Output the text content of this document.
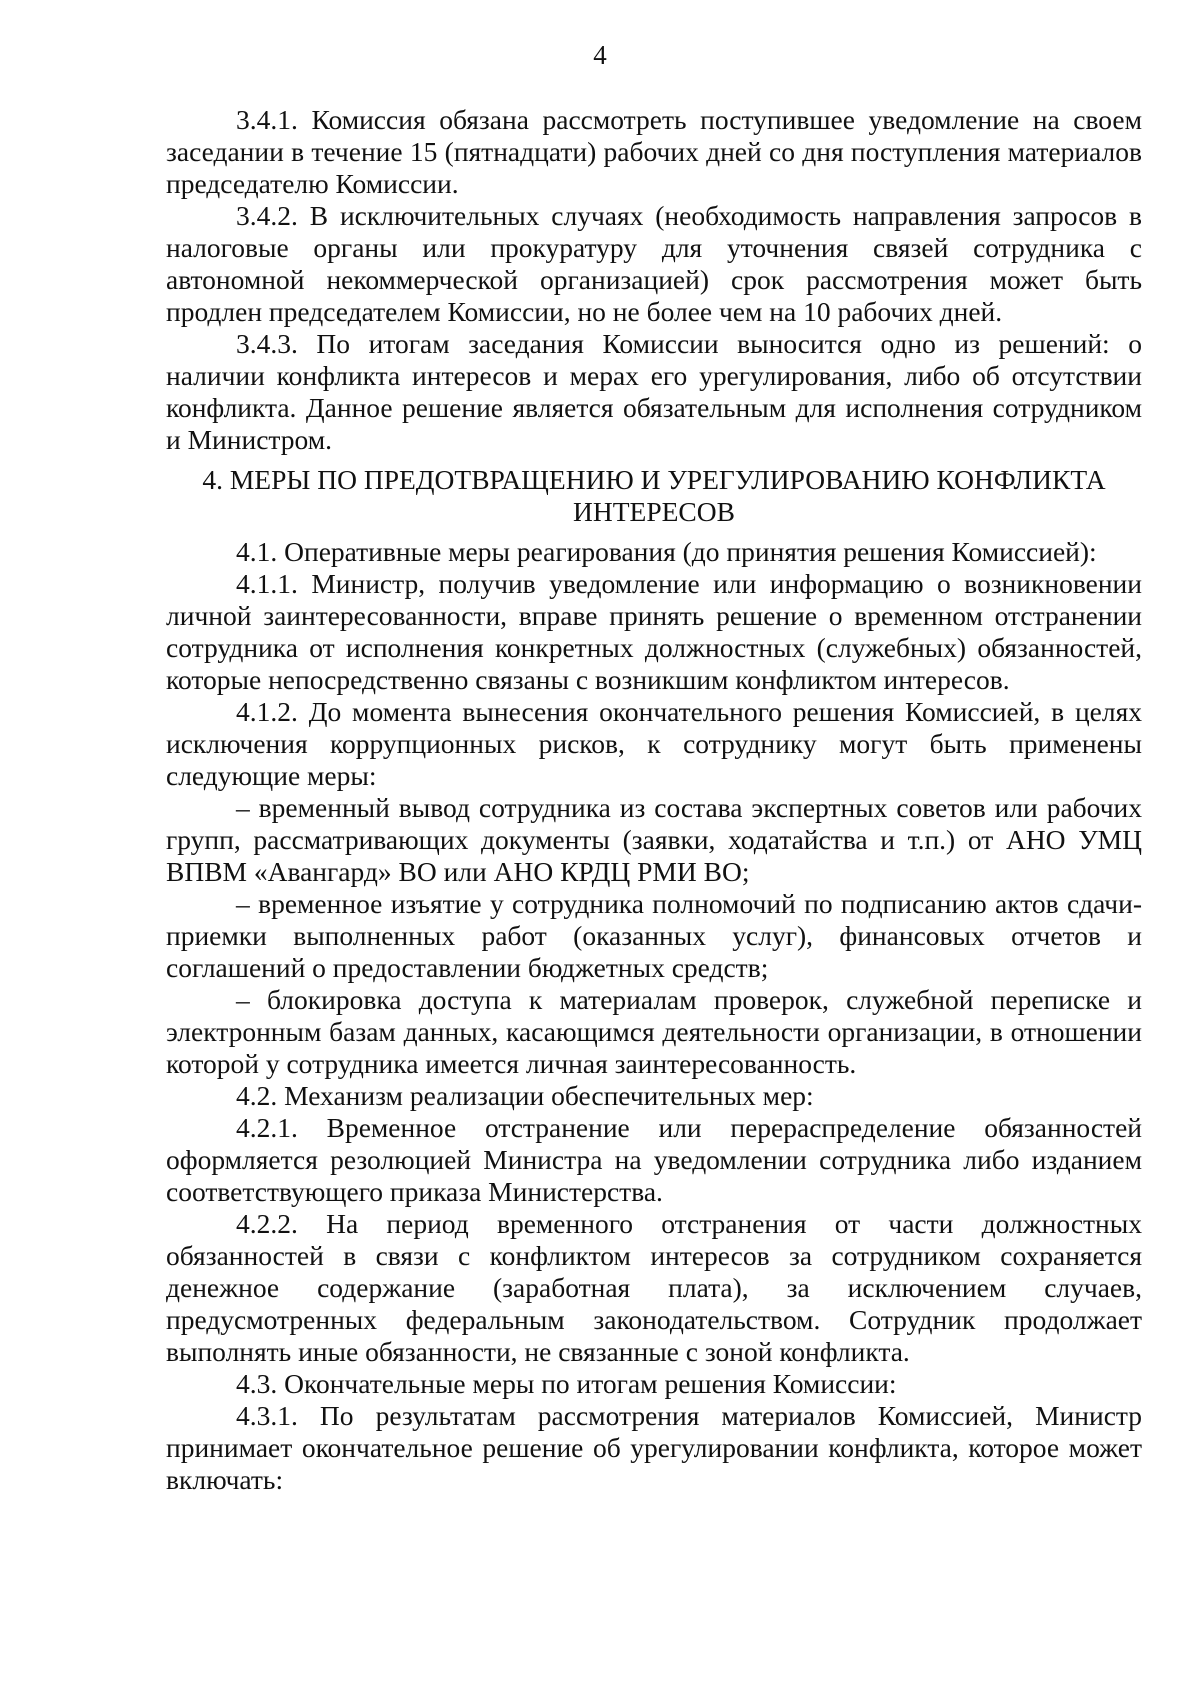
4

3.4.1. Комиссия обязана рассмотреть поступившее уведомление на своем заседании в течение 15 (пятнадцати) рабочих дней со дня поступления материалов председателю Комиссии.

3.4.2. В исключительных случаях (необходимость направления запросов в налоговые органы или прокуратуру для уточнения связей сотрудника с автономной некоммерческой организацией) срок рассмотрения может быть продлен председателем Комиссии, но не более чем на 10 рабочих дней.

3.4.3. По итогам заседания Комиссии выносится одно из решений: о наличии конфликта интересов и мерах его урегулирования, либо об отсутствии конфликта. Данное решение является обязательным для исполнения сотрудником и Министром.

4. МЕРЫ ПО ПРЕДОТВРАЩЕНИЮ И УРЕГУЛИРОВАНИЮ КОНФЛИКТА ИНТЕРЕСОВ

4.1. Оперативные меры реагирования (до принятия решения Комиссией):

4.1.1. Министр, получив уведомление или информацию о возникновении личной заинтересованности, вправе принять решение о временном отстранении сотрудника от исполнения конкретных должностных (служебных) обязанностей, которые непосредственно связаны с возникшим конфликтом интересов.

4.1.2. До момента вынесения окончательного решения Комиссией, в целях исключения коррупционных рисков, к сотруднику могут быть применены следующие меры:

– временный вывод сотрудника из состава экспертных советов или рабочих групп, рассматривающих документы (заявки, ходатайства и т.п.) от АНО УМЦ ВПВМ «Авангард» ВО или АНО КРДЦ РМИ ВО;

– временное изъятие у сотрудника полномочий по подписанию актов сдачи-приемки выполненных работ (оказанных услуг), финансовых отчетов и соглашений о предоставлении бюджетных средств;

– блокировка доступа к материалам проверок, служебной переписке и электронным базам данных, касающимся деятельности организации, в отношении которой у сотрудника имеется личная заинтересованность.

4.2. Механизм реализации обеспечительных мер:

4.2.1. Временное отстранение или перераспределение обязанностей оформляется резолюцией Министра на уведомлении сотрудника либо изданием соответствующего приказа Министерства.

4.2.2. На период временного отстранения от части должностных обязанностей в связи с конфликтом интересов за сотрудником сохраняется денежное содержание (заработная плата), за исключением случаев, предусмотренных федеральным законодательством. Сотрудник продолжает выполнять иные обязанности, не связанные с зоной конфликта.

4.3. Окончательные меры по итогам решения Комиссии:

4.3.1. По результатам рассмотрения материалов Комиссией, Министр принимает окончательное решение об урегулировании конфликта, которое может включать:
